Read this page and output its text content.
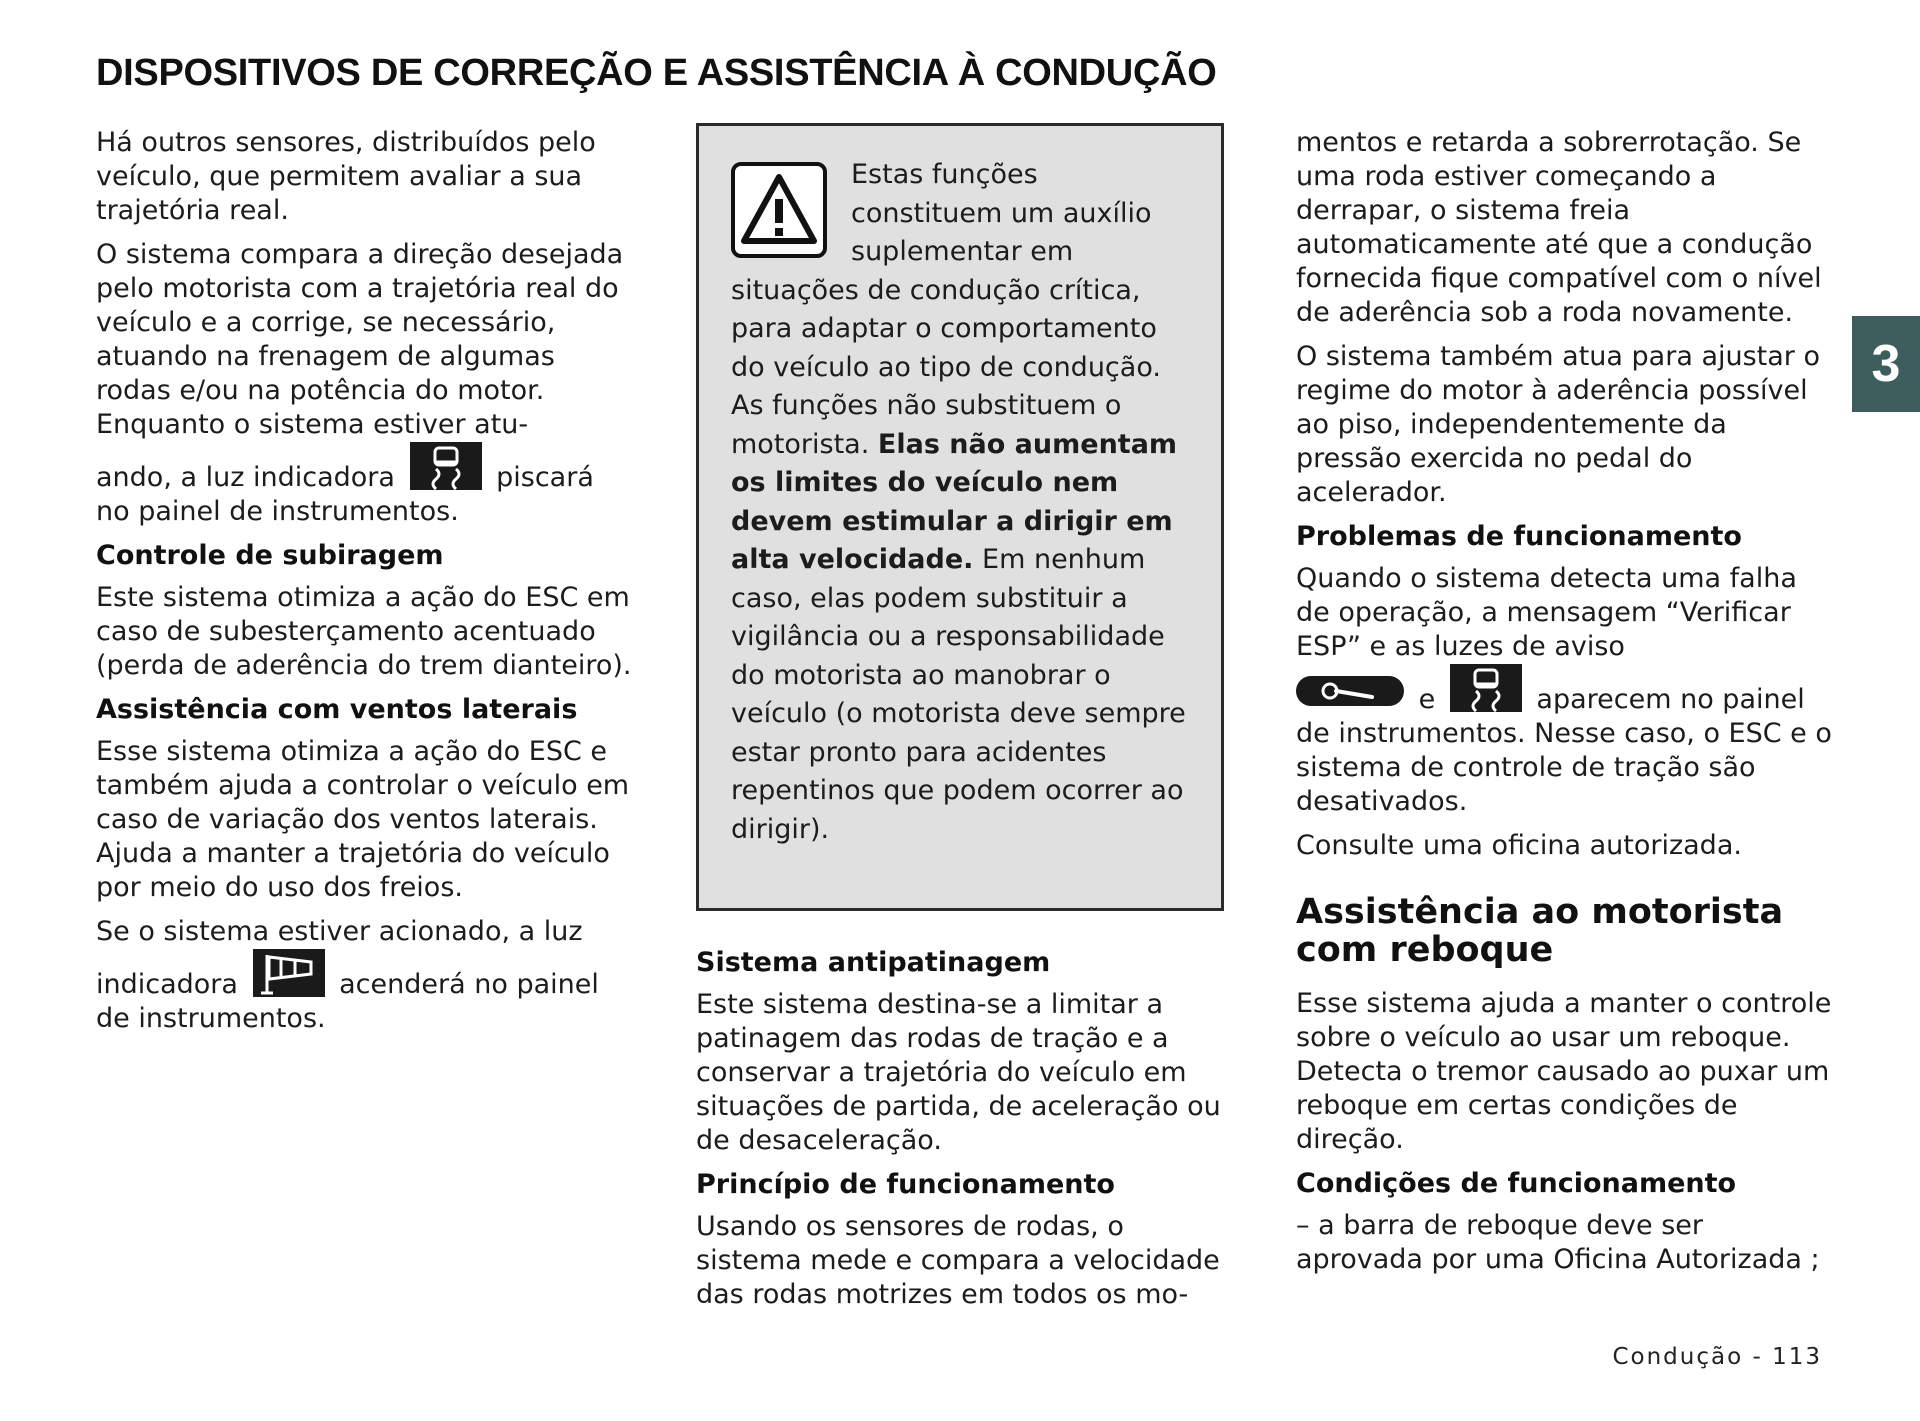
DISPOSITIVOS DE CORREÇÃO E ASSISTÊNCIA À CONDUÇÃO

Há outros sensores, distribuídos pelo veículo, que permitem avaliar a sua trajetória real.

O sistema compara a direção desejada pelo motorista com a trajetória real do veículo e a corrige, se necessário, atuando na frenagem de algumas rodas e/ou na potência do motor. Enquanto o sistema estiver atu-

ando, a luz indicadora	piscará no painel de instrumentos.

Controle de subiragem

Este sistema otimiza a ação do ESC em caso de subesterçamento acentuado (perda de aderência do trem dianteiro).

Assistência com ventos laterais

Esse sistema otimiza a ação do ESC e também ajuda a controlar o veículo em caso de variação dos ventos laterais. Ajuda a manter a trajetória do veículo por meio do uso dos freios.

Se o sistema estiver acionado, a luz

indicadora	acenderá no painel de instrumentos.

Estas funções constituem um auxílio suplementar em situações de condução crítica, para adaptar o comportamento do veículo ao tipo de condução.

As funções não substituem o motorista. Elas não aumentam os limites do veículo nem devem estimular a dirigir em alta velocidade. Em nenhum caso, elas podem substituir a vigilância ou a responsabilidade do motorista ao manobrar o veículo (o motorista deve sempre estar pronto para acidentes repentinos que podem ocorrer ao dirigir).

Sistema antipatinagem

Este sistema destina-se a limitar a patinagem das rodas de tração e a conservar a trajetória do veículo em situações de partida, de aceleração ou de desaceleração.

Princípio de funcionamento

Usando os sensores de rodas, o sistema mede e compara a velocidade das rodas motrizes em todos os mo-

mentos e retarda a sobrerrotação. Se uma roda estiver começando a derrapar, o sistema freia automaticamente até que a condução fornecida fique compatível com o nível de aderência sob a roda novamente.

O sistema também atua para ajustar o regime do motor à aderência possível ao piso, independentemente da pressão exercida no pedal do acelerador.

Problemas de funcionamento

Quando o sistema detecta uma falha de operação, a mensagem “Verificar ESP” e as luzes de aviso

e	aparecem no painel de instrumentos. Nesse caso, o ESC e o sistema de controle de tração são desativados.

Consulte uma oficina autorizada.

Assistência ao motorista com reboque

Esse sistema ajuda a manter o controle sobre o veículo ao usar um reboque. Detecta o tremor causado ao puxar um reboque em certas condições de direção.

Condições de funcionamento

– a barra de reboque deve ser aprovada por uma Oficina Autorizada ;

3
Condução - 113
